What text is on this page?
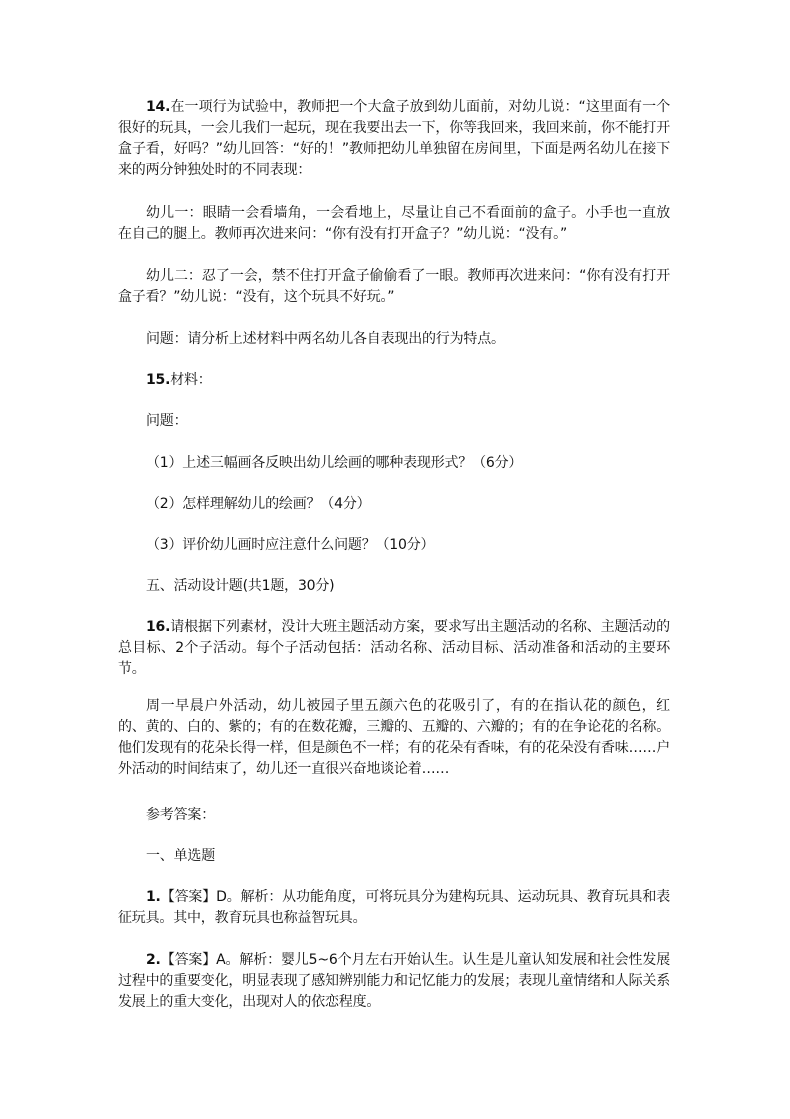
14.在一项行为试验中，教师把一个大盒子放到幼儿面前，对幼儿说：“这里面有一个很好的玩具，一会儿我们一起玩，现在我要出去一下，你等我回来，我回来前，你不能打开盒子看，好吗？”幼儿回答：“好的！”教师把幼儿单独留在房间里，下面是两名幼儿在接下来的两分钟独处时的不同表现：

幼儿一：眼睛一会看墙角，一会看地上，尽量让自己不看面前的盒子。小手也一直放在自己的腿上。教师再次进来问：“你有没有打开盒子？”幼儿说：“没有。”

幼儿二：忍了一会，禁不住打开盒子偷偷看了一眼。教师再次进来问：“你有没有打开盒子看？”幼儿说：“没有，这个玩具不好玩。”

问题：请分析上述材料中两名幼儿各自表现出的行为特点。

15.材料：

问题：

（1）上述三幅画各反映出幼儿绘画的哪种表现形式？（6分）

（2）怎样理解幼儿的绘画？（4分）

（3）评价幼儿画时应注意什么问题？（10分）

五、活动设计题(共1题，30分)

16.请根据下列素材，没计大班主题活动方案，要求写出主题活动的名称、主题活动的总目标、2个子活动。每个子活动包括：活动名称、活动目标、活动准备和活动的主要环节。

周一早晨户外活动，幼儿被园子里五颜六色的花吸引了，有的在指认花的颜色，红的、黄的、白的、紫的；有的在数花瓣，三瓣的、五瓣的、六瓣的；有的在争论花的名称。他们发现有的花朵长得一样，但是颜色不一样；有的花朵有香味，有的花朵没有香味……户外活动的时间结束了，幼儿还一直很兴奋地谈论着……

参考答案：

一、单选题

1.【答案】D。解析：从功能角度，可将玩具分为建构玩具、运动玩具、教育玩具和表征玩具。其中，教育玩具也称益智玩具。

2.【答案】A。解析：婴儿5~6个月左右开始认生。认生是儿童认知发展和社会性发展过程中的重要变化，明显表现了感知辨别能力和记忆能力的发展；表现儿童情绪和人际关系发展上的重大变化，出现对人的依恋程度。
